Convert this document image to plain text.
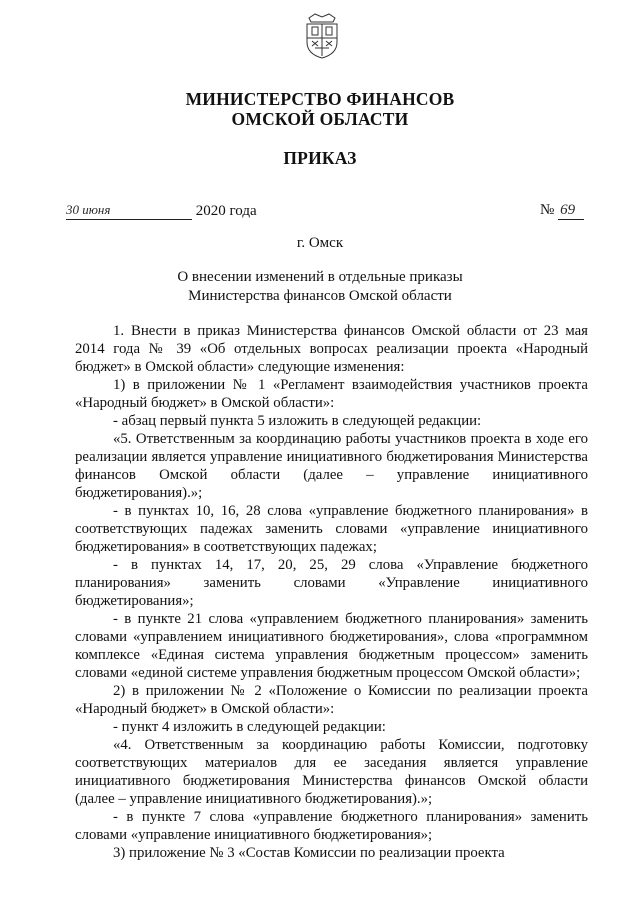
МИНИСТЕРСТВО ФИНАНСОВ
ОМСКОЙ ОБЛАСТИ
ПРИКАЗ
30 июня	2020 года	№ 69
г. Омск
О внесении изменений в отдельные приказы
Министерства финансов Омской области

1. Внести в приказ Министерства финансов Омской области от 23 мая 2014 года № 39 «Об отдельных вопросах реализации проекта «Народный бюджет» в Омской области» следующие изменения:

1) в приложении № 1 «Регламент взаимодействия участников проекта «Народный бюджет» в Омской области»:

- абзац первый пункта 5 изложить в следующей редакции:

«5. Ответственным за координацию работы участников проекта в ходе его реализации является управление инициативного бюджетирования Министерства финансов Омской области (далее – управление инициативного бюджетирования).»;

- в пунктах 10, 16, 28 слова «управление бюджетного планирования» в соответствующих падежах заменить словами «управление инициативного бюджетирования» в соответствующих падежах;

- в пунктах 14, 17, 20, 25, 29 слова «Управление бюджетного планирования» заменить словами «Управление инициативного бюджетирования»;

- в пункте 21 слова «управлением бюджетного планирования» заменить словами «управлением инициативного бюджетирования», слова «программном комплексе «Единая система управления бюджетным процессом» заменить словами «единой системе управления бюджетным процессом Омской области»;

2) в приложении № 2 «Положение о Комиссии по реализации проекта «Народный бюджет» в Омской области»:

- пункт 4 изложить в следующей редакции:

«4. Ответственным за координацию работы Комиссии, подготовку соответствующих материалов для ее заседания является управление инициативного бюджетирования Министерства финансов Омской области (далее – управление инициативного бюджетирования).»;

- в пункте 7 слова «управление бюджетного планирования» заменить словами «управление инициативного бюджетирования»;

3) приложение № 3 «Состав Комиссии по реализации проекта
